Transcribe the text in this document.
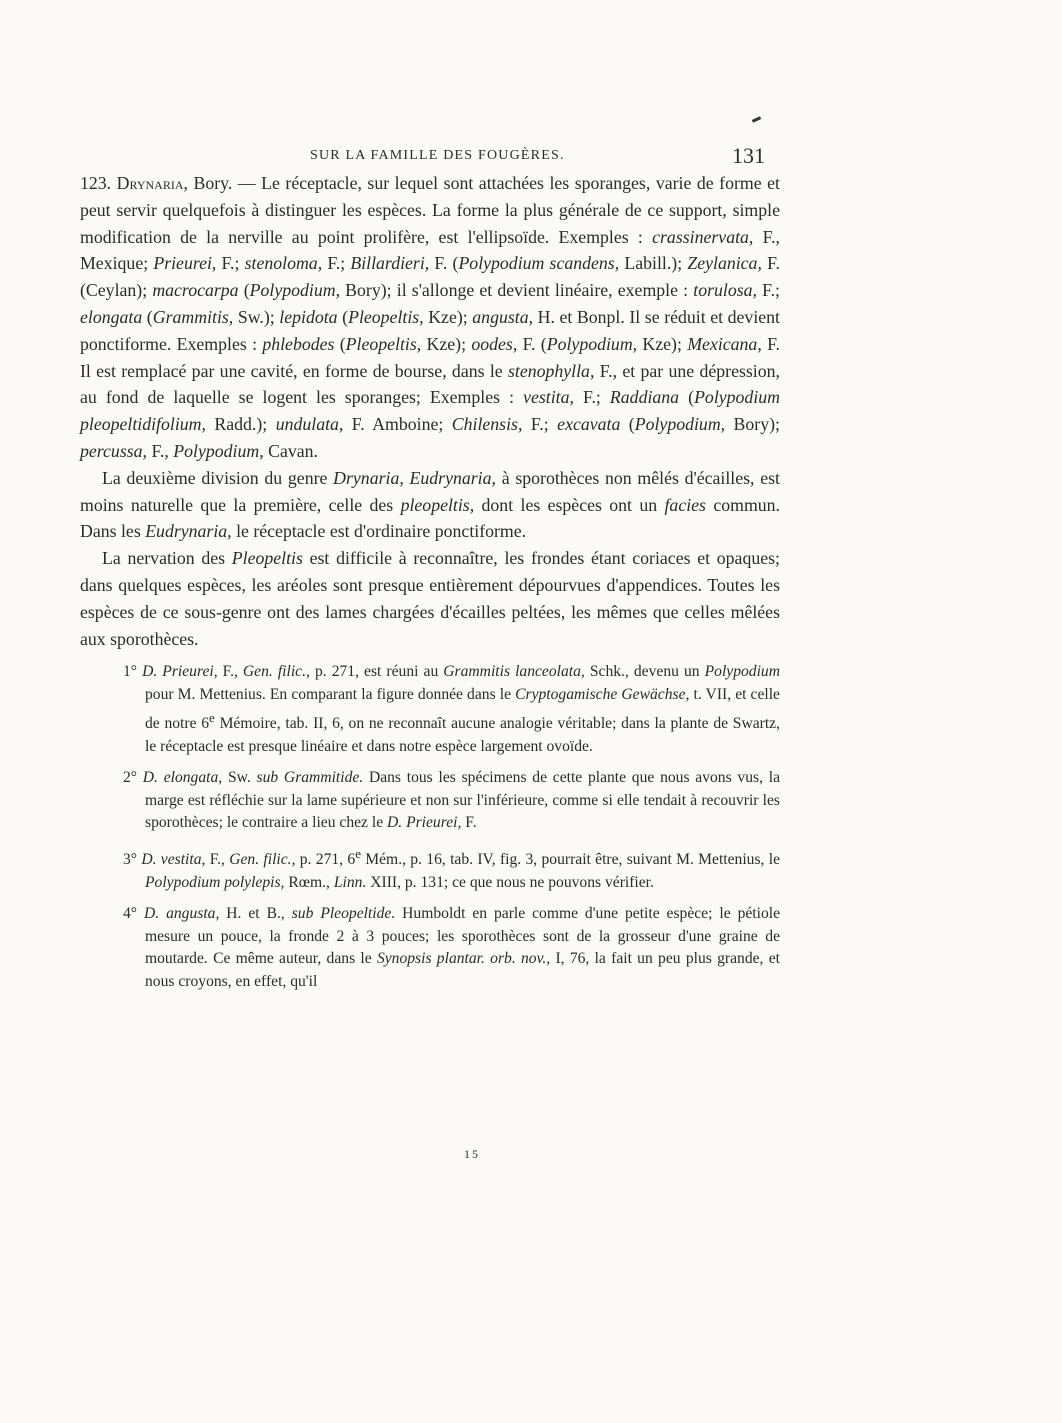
SUR LA FAMILLE DES FOUGÈRES.	131

123. Drynaria, Bory. — Le réceptacle, sur lequel sont attachées les sporanges, varie de forme et peut servir quelquefois à distinguer les espèces. La forme la plus générale de ce support, simple modification de la nerville au point prolifère, est l'ellipsoïde. Exemples : crassinervata, F., Mexique; Prieurei, F.; stenoloma, F.; Billardieri, F. (Polypodium scandens, Labill.); Zeylanica, F. (Ceylan); macrocarpa (Polypodium, Bory); il s'allonge et devient linéaire, exemple : torulosa, F.; elongata (Grammitis, Sw.); lepidota (Pleopeltis, Kze); angusta, H. et Bonpl. Il se réduit et devient ponctiforme. Exemples : phlebodes (Pleopeltis, Kze); oodes, F. (Polypodium, Kze); Mexicana, F. Il est remplacé par une cavité, en forme de bourse, dans le stenophylla, F., et par une dépression, au fond de laquelle se logent les sporanges; Exemples : vestita, F.; Raddiana (Polypodium pleopeltidifolium, Radd.); undulata, F. Amboine; Chilensis, F.; excavata (Polypodium, Bory); percussa, F., Polypodium, Cavan.

La deuxième division du genre Drynaria, Eudrynaria, à sporothèces non mêlés d'écailles, est moins naturelle que la première, celle des pleopeltis, dont les espèces ont un facies commun. Dans les Eudrynaria, le réceptacle est d'ordinaire ponctiforme.

La nervation des Pleopeltis est difficile à reconnaître, les frondes étant coriaces et opaques; dans quelques espèces, les aréoles sont presque entièrement dépourvues d'appendices. Toutes les espèces de ce sous-genre ont des lames chargées d'écailles peltées, les mêmes que celles mêlées aux sporothèces.

1° D. Prieurei, F., Gen. filic., p. 271, est réuni au Grammitis lanceolata, Schk., devenu un Polypodium pour M. Mettenius. En comparant la figure donnée dans le Cryptogamische Gewächse, t. VII, et celle de notre 6e Mémoire, tab. II, 6, on ne reconnaît aucune analogie véritable; dans la plante de Swartz, le réceptacle est presque linéaire et dans notre espèce largement ovoïde.

2° D. elongata, Sw. sub Grammitide. Dans tous les spécimens de cette plante que nous avons vus, la marge est réfléchie sur la lame supérieure et non sur l'inférieure, comme si elle tendait à recouvrir les sporothèces; le contraire a lieu chez le D. Prieurei, F.

3° D. vestita, F., Gen. filic., p. 271, 6e Mém., p. 16, tab. IV, fig. 3, pourrait être, suivant M. Mettenius, le Polypodium polylepis, Rœm., Linn. XIII, p. 131; ce que nous ne pouvons vérifier.

4° D. angusta, H. et B., sub Pleopeltide. Humboldt en parle comme d'une petite espèce; le pétiole mesure un pouce, la fronde 2 à 3 pouces; les sporothèces sont de la grosseur d'une graine de moutarde. Ce même auteur, dans le Synopsis plantar. orb. nov., I, 76, la fait un peu plus grande, et nous croyons, en effet, qu'il

15
